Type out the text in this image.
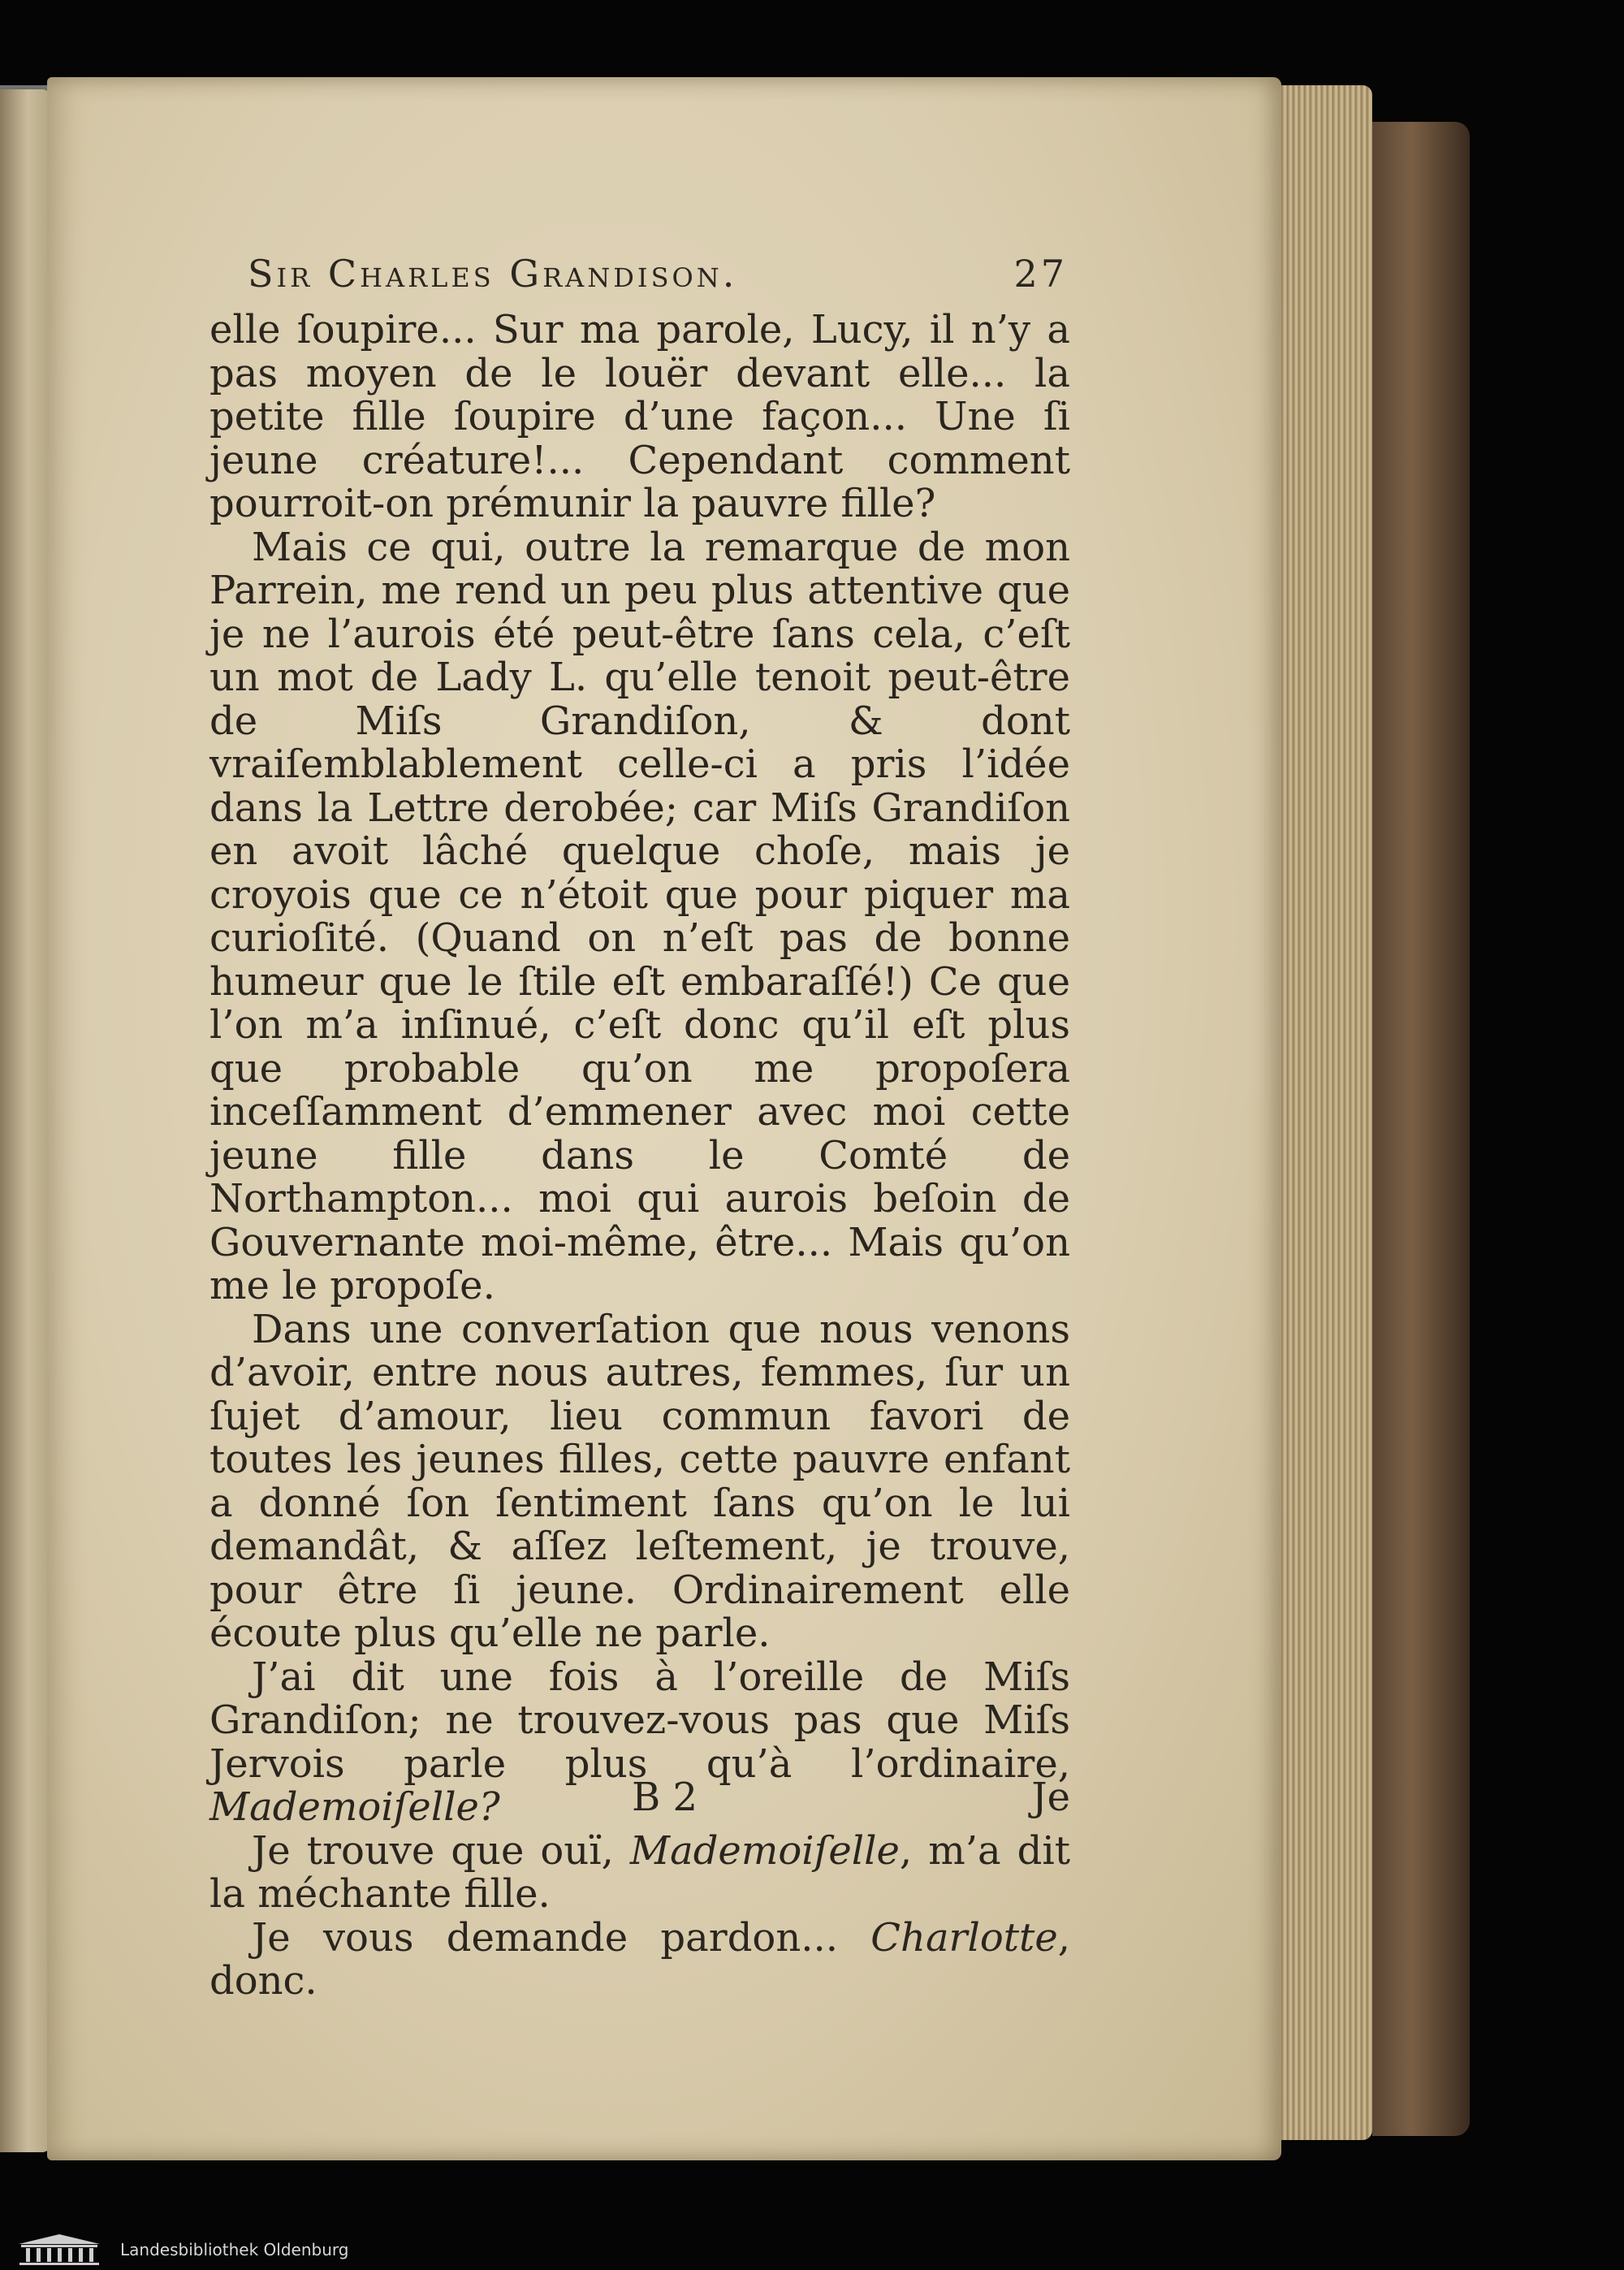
Sir Charles Grandison.	27

elle ſoupire... Sur ma parole, Lucy, il n’y a pas moyen de le louër devant elle... la petite fille ſoupire d’une façon... Une ſi jeune créature!... Cependant comment pourroit-on prémunir la pauvre fille?

Mais ce qui, outre la remarque de mon Parrein, me rend un peu plus attentive que je ne l’aurois été peut-être ſans cela, c’eſt un mot de Lady L. qu’elle tenoit peut-être de Miſs Grandiſon, & dont vraiſemblablement celle-ci a pris l’idée dans la Lettre derobée; car Miſs Grandiſon en avoit lâché quelque choſe, mais je croyois que ce n’étoit que pour piquer ma curioſité. (Quand on n’eſt pas de bonne humeur que le ſtile eſt embaraſſé!) Ce que l’on m’a inſinué, c’eſt donc qu’il eſt plus que probable qu’on me propoſera inceſſamment d’emmener avec moi cette jeune fille dans le Comté de Northampton... moi qui aurois beſoin de Gouvernante moi-même, être... Mais qu’on me le propoſe.

Dans une converſation que nous venons d’avoir, entre nous autres, femmes, ſur un ſujet d’amour, lieu commun favori de toutes les jeunes filles, cette pauvre enfant a donné ſon ſentiment ſans qu’on le lui demandât, & aſſez leſtement, je trouve, pour être ſi jeune. Ordinairement elle écoute plus qu’elle ne parle.

J’ai dit une fois à l’oreille de Miſs Grandiſon; ne trouvez-vous pas que Miſs Jervois parle plus qu’à l’ordinaire, Mademoiſelle?

Je trouve que ouï, Mademoiſelle, m’a dit la méchante fille.

Je vous demande pardon... Charlotte, donc.

B 2	Je
Landesbibliothek Oldenburg
